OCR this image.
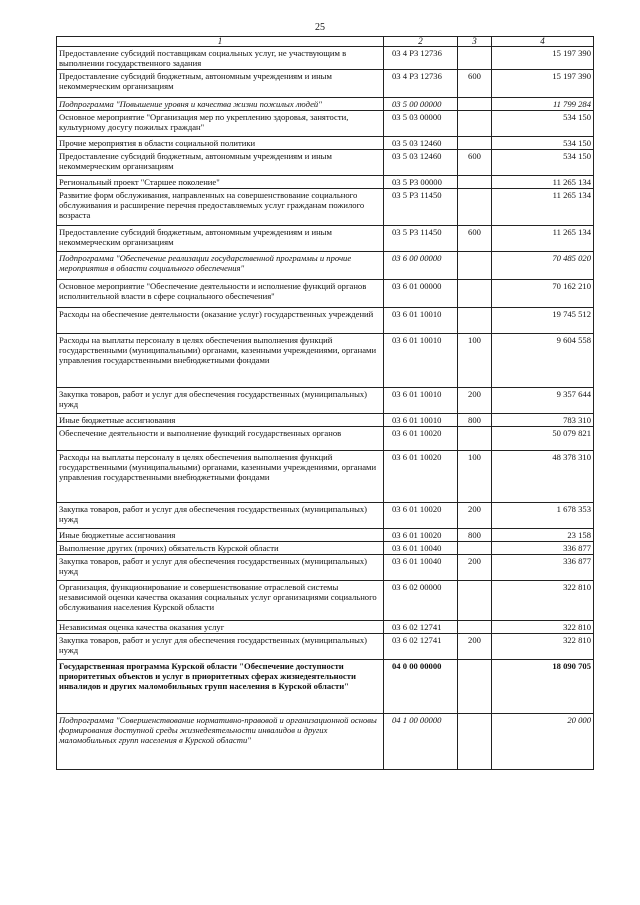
25
1	2	3	4
Предоставление субсидий поставщикам социальных услуг, не участвующим в выполнении государственного задания	03 4 P3 12736		15 197 390
Предоставление субсидий бюджетным, автономным учреждениям и иным некоммерческим организациям	03 4 P3 12736	600	15 197 390
Подпрограмма "Повышение уровня и качества жизни пожилых людей"	03 5 00 00000		11 799 284
Основное мероприятие "Организация мер по укреплению здоровья, занятости, культурному досугу пожилых граждан"	03 5 03 00000		534 150
Прочие мероприятия в области социальной политики	03 5 03 12460		534 150
Предоставление субсидий бюджетным, автономным учреждениям и иным некоммерческим организациям	03 5 03 12460	600	534 150
Региональный проект "Старшее поколение"	03 5 P3 00000		11 265 134
Развитие форм обслуживания, направленных на совершенствование социального обслуживания и расширение перечня предоставляемых услуг гражданам пожилого возраста	03 5 P3 11450		11 265 134
Предоставление субсидий бюджетным, автономным учреждениям и иным некоммерческим организациям	03 5 P3 11450	600	11 265 134
Подпрограмма "Обеспечение реализации государственной программы и прочие мероприятия в области социального обеспечения"	03 6 00 00000		70 485 020
Основное мероприятие "Обеспечение деятельности и исполнение функций органов исполнительной власти в сфере социального обеспечения"	03 6 01 00000		70 162 210
Расходы на обеспечение деятельности (оказание услуг) государственных учреждений	03 6 01 10010		19 745 512
Расходы на выплаты персоналу в целях обеспечения выполнения функций государственными (муниципальными) органами, казенными учреждениями, органами управления государственными внебюджетными фондами	03 6 01 10010	100	9 604 558
Закупка товаров, работ и услуг для обеспечения государственных (муниципальных) нужд	03 6 01 10010	200	9 357 644
Иные бюджетные ассигнования	03 6 01 10010	800	783 310
Обеспечение деятельности и выполнение функций государственных органов	03 6 01 10020		50 079 821
Расходы на выплаты персоналу в целях обеспечения выполнения функций государственными (муниципальными) органами, казенными учреждениями, органами управления государственными внебюджетными фондами	03 6 01 10020	100	48 378 310
Закупка товаров, работ и услуг для обеспечения государственных (муниципальных) нужд	03 6 01 10020	200	1 678 353
Иные бюджетные ассигнования	03 6 01 10020	800	23 158
Выполнение других (прочих) обязательств Курской области	03 6 01 10040		336 877
Закупка товаров, работ и услуг для обеспечения государственных (муниципальных) нужд	03 6 01 10040	200	336 877
Организация, функционирование и совершенствование отраслевой системы независимой оценки качества оказания социальных услуг организациями социального обслуживания населения Курской области	03 6 02 00000		322 810
Независимая оценка качества оказания услуг	03 6 02 12741		322 810
Закупка товаров, работ и услуг для обеспечения государственных (муниципальных) нужд	03 6 02 12741	200	322 810
Государственная программа Курской области "Обеспечение доступности приоритетных объектов и услуг в приоритетных сферах жизнедеятельности инвалидов и других маломобильных групп населения в Курской области"	04 0 00 00000		18 090 705
Подпрограмма "Совершенствование нормативно-правовой и организационной основы формирования доступной среды жизнедеятельности инвалидов и других маломобильных групп населения в Курской области"	04 1 00 00000		20 000
